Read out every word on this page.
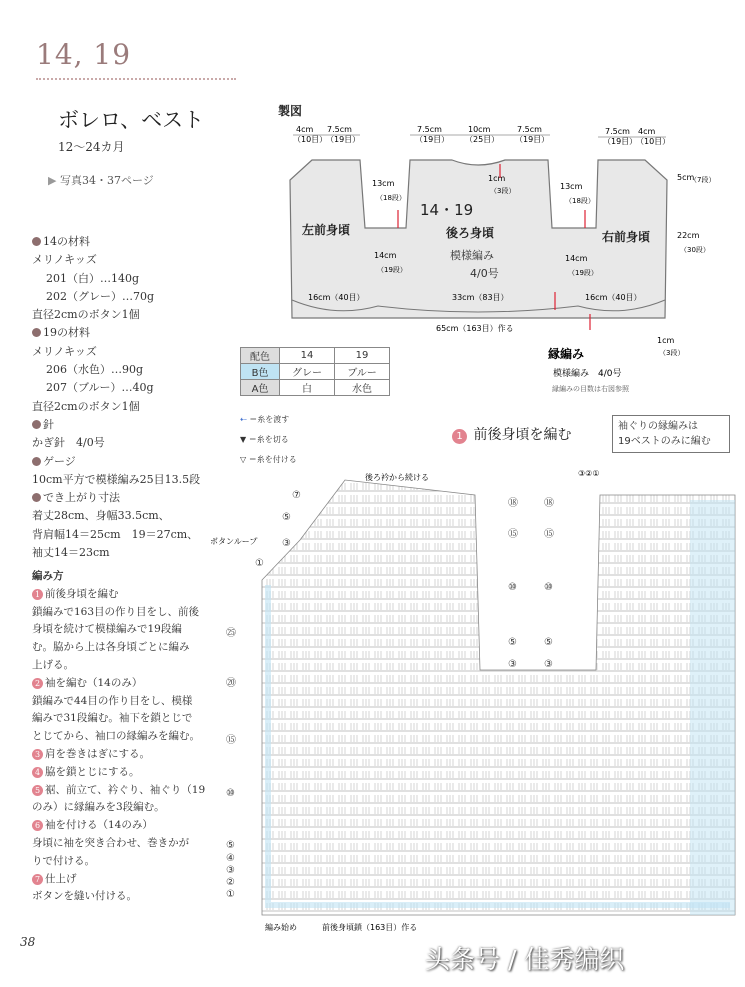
14, 19
ボレロ、ベスト
12〜24カ月
▶ 写真34・37ページ
14の材料
メリノキッズ
201（白）…140g
202（グレー）…70g
直径2cmのボタン1個
19の材料
メリノキッズ
206（水色）…90g
207（ブルー）…40g
直径2cmのボタン1個
針
かぎ針　4/0号
ゲージ
10cm平方で模様編み25目13.5段
でき上がり寸法
着丈28cm、身幅33.5cm、
背肩幅14＝25cm　19＝27cm、
袖丈14＝23cm
編み方
1 前後身頃を編む
鎖編みで163目の作り目をし、前後
身頃を続けて模様編みで19段編
む。脇から上は各身頃ごとに編み
上げる。
2 袖を編む（14のみ）
鎖編みで44目の作り目をし、模様
編みで31段編む。袖下を鎖とじで
とじてから、袖口の縁編みを編む。
3 肩を巻きはぎにする。
4 脇を鎖とじにする。
5 裾、前立て、衿ぐり、袖ぐり（19
のみ）に縁編みを3段編む。
6 袖を付ける（14のみ）
身頃に袖を突き合わせ、巻きかが
りで付ける。
7 仕上げ
ボタンを縫い付ける。
38
製図
14・19
左前身頃	後ろ身頃	右前身頃
模様編み
4/0号
4cm
（10目）
7.5cm
（19目）
7.5cm
（19目）
10cm
（25目）
7.5cm
（19目）
7.5cm
（19目）
4cm
（10目）
13cm
（18段）
13cm
（18段）
1cm
（3段）
14cm
（19段）
14cm
（19段）
5cm
（7段）
22cm
（30段）
16cm（40目）	33cm（83目）	16cm（40目）
65cm（163目）作る
1cm
（3段）
縁編み
模様編み　4/0号
縁編みの目数は右図参照
配色	14	19
B色	グレー	ブルー
A色	白	水色
⇠ ＝糸を渡す
▼ ＝糸を切る
▽ ＝糸を付ける
袖ぐりの縁編みは
19ベストのみに編む
1 前後身頃を編む
後ろ衿から続ける
ボタンループ
編み始め	前後身頃鎖（163目）作る
③②①
⑦
⑤
③
①
⑱
⑮
⑩
⑤
③
⑱
⑮
⑩
⑤
③
㉕
⑳
⑮
⑩
⑤
④
③
②
①
头条号 / 佳秀编织
